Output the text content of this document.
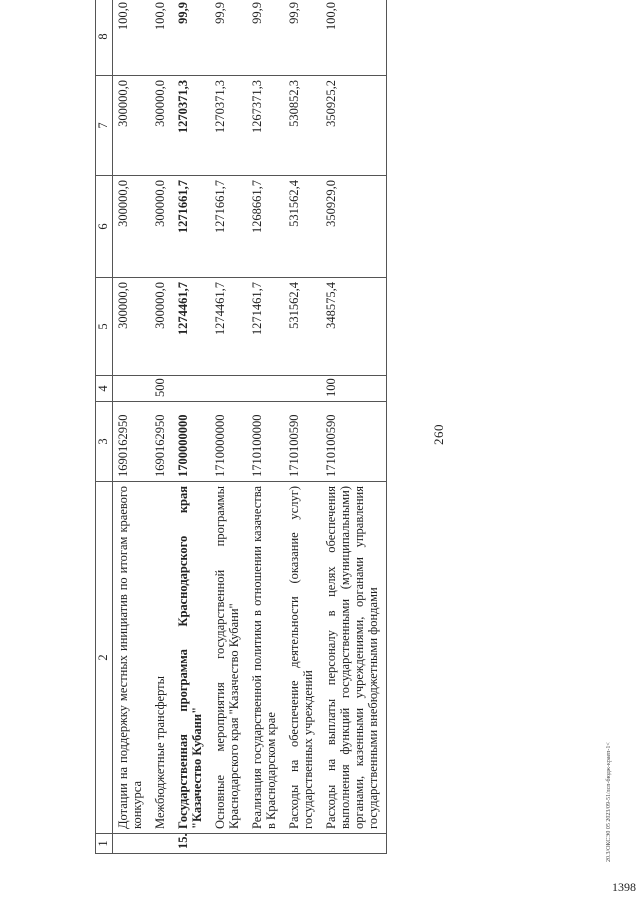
260
20.3/ОКСЭ0 05 2023/09-51/лсп-бюдж-краеп-1<
1	2	3	4	5	6	7	8
	Дотации на поддержку местных инициатив по итогам краевого конкурса	1690162950		300000,0	300000,0	300000,0	100,0
	Межбюджетные трансферты	1690162950	500	300000,0	300000,0	300000,0	100,0
15.	Государственная программа Краснодарского края "Казачество Кубани"	1700000000		1274461,7	1271661,7	1270371,3	99,9
	Основные мероприятия государственной программы Краснодарского края "Казачество Кубани"	1710000000		1274461,7	1271661,7	1270371,3	99,9
	Реализация государственной политики в отношении казачества в Краснодарском крае	1710100000		1271461,7	1268661,7	1267371,3	99,9
	Расходы на обеспечение деятельности (оказание услуг) государственных учреждений	1710100590		531562,4	531562,4	530852,3	99,9
	Расходы на выплаты персоналу в целях обеспечения выполнения функций государственными (муниципальными) органами, казенными учреждениями, органами управления государственными внебюджетными фондами	1710100590	100	348575,4	350929,0	350925,2	100,0
1398
